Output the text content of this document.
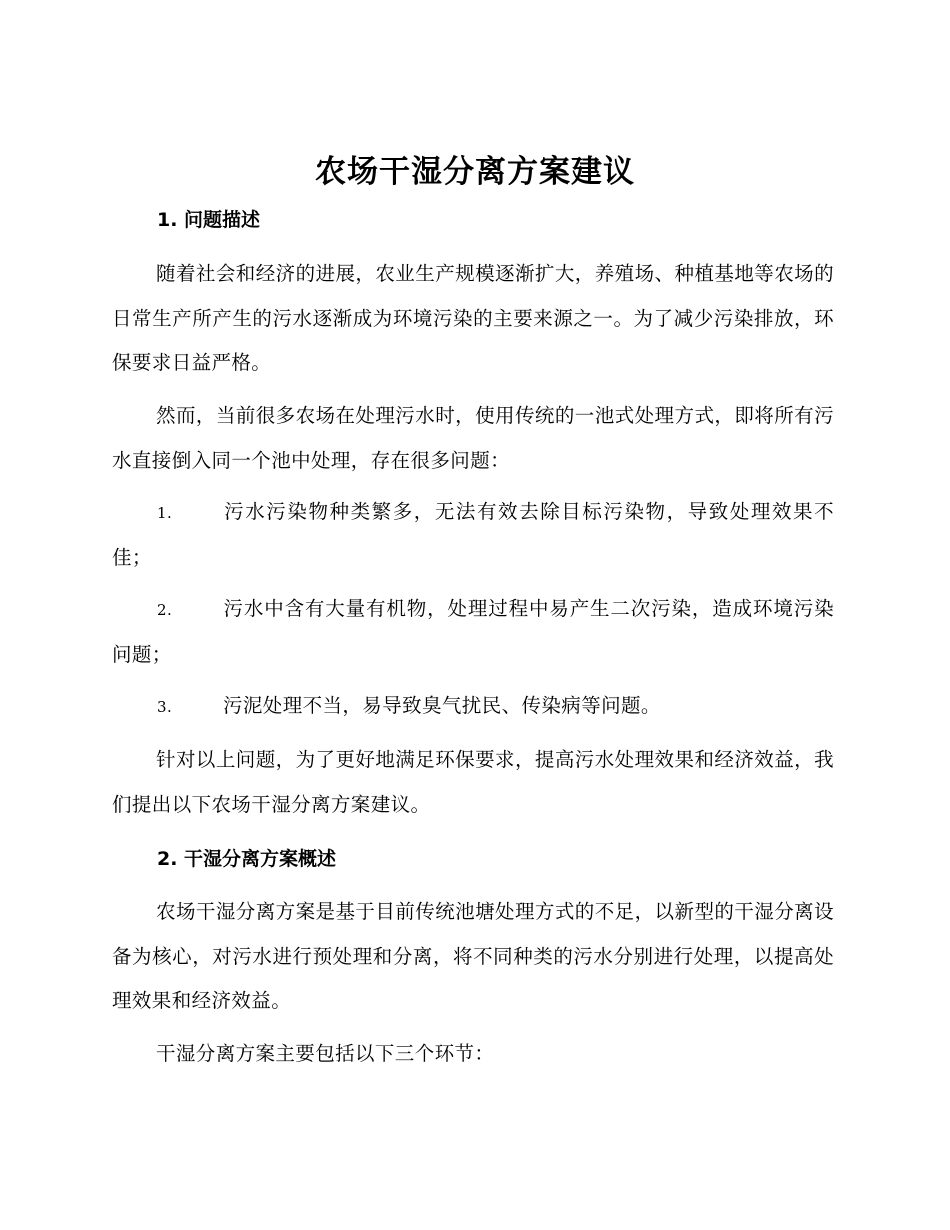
农场干湿分离方案建议
1. 问题描述

随着社会和经济的进展，农业生产规模逐渐扩大，养殖场、种植基地等农场的日常生产所产生的污水逐渐成为环境污染的主要来源之一。为了减少污染排放，环保要求日益严格。

然而，当前很多农场在处理污水时，使用传统的一池式处理方式，即将所有污水直接倒入同一个池中处理，存在很多问题：

1.	污水污染物种类繁多，无法有效去除目标污染物，导致处理效果不佳；

2.	污水中含有大量有机物，处理过程中易产生二次污染，造成环境污染问题；

3.	污泥处理不当，易导致臭气扰民、传染病等问题。

针对以上问题，为了更好地满足环保要求，提高污水处理效果和经济效益，我们提出以下农场干湿分离方案建议。

2. 干湿分离方案概述

农场干湿分离方案是基于目前传统池塘处理方式的不足，以新型的干湿分离设备为核心，对污水进行预处理和分离，将不同种类的污水分别进行处理，以提高处理效果和经济效益。

干湿分离方案主要包括以下三个环节：
